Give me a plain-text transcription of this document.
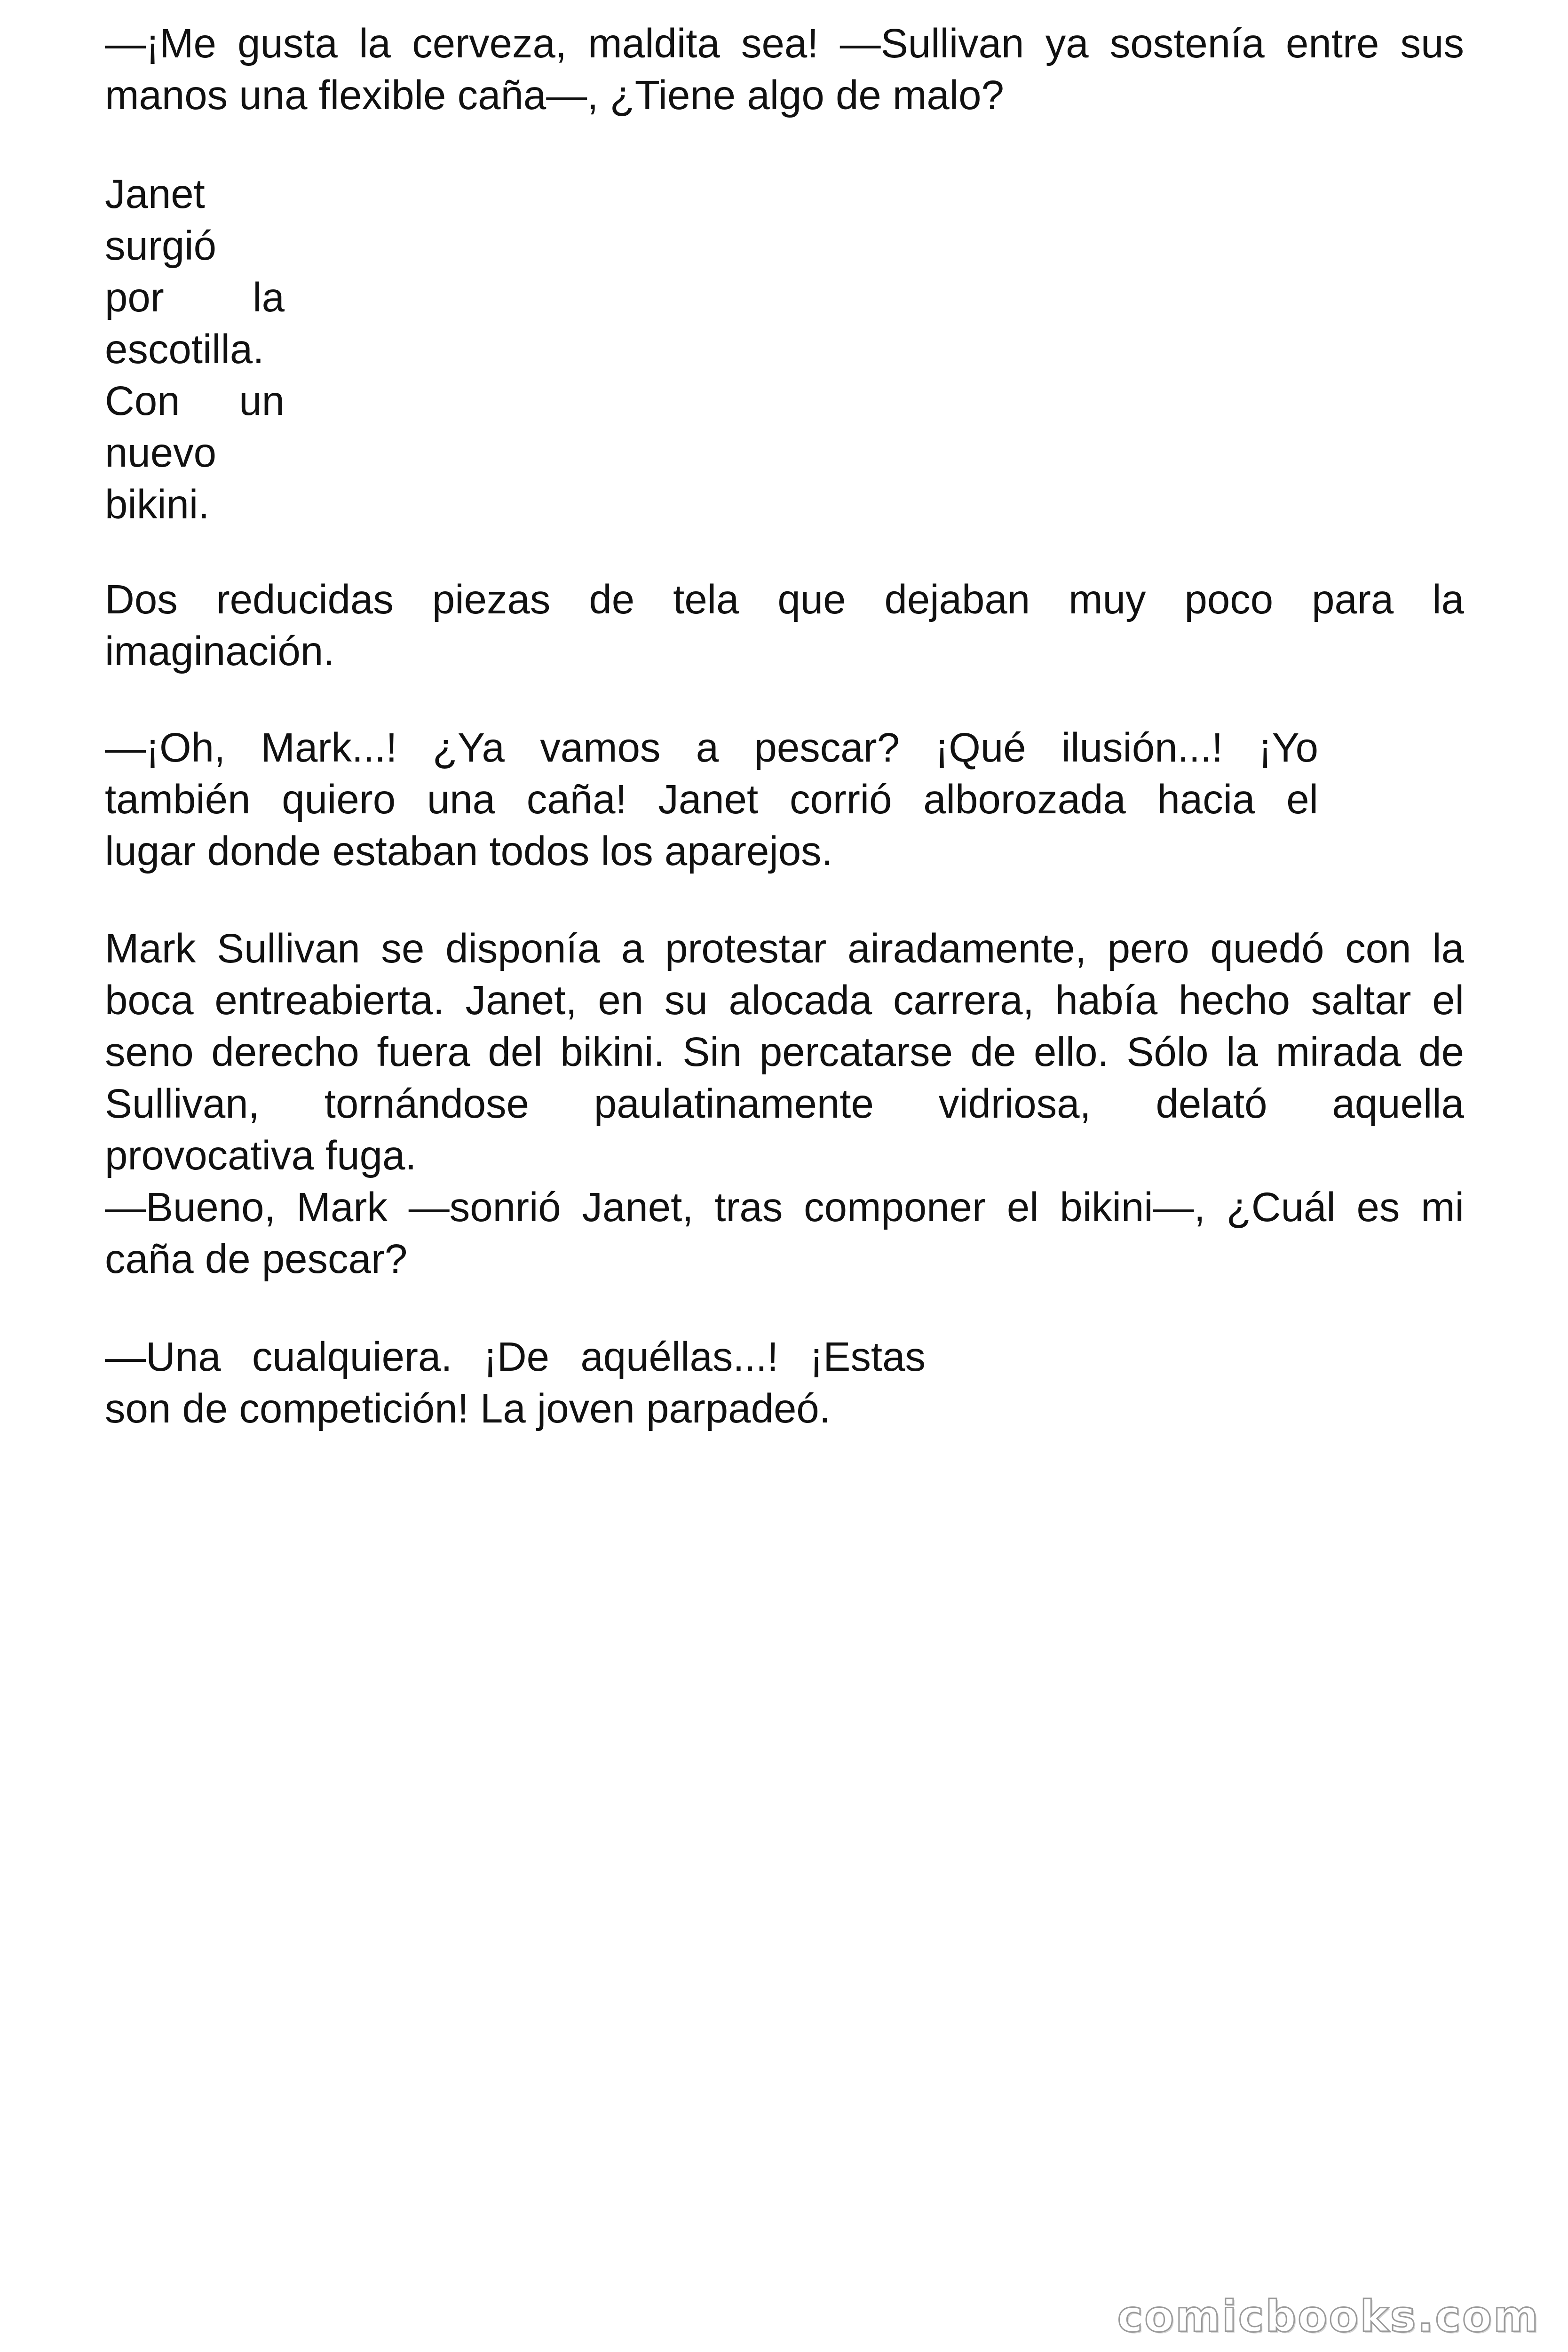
—¡Me gusta la cerveza, maldita sea! —Sullivan ya sostenía entre sus
manos una flexible caña—, ¿Tiene algo de malo?

Janet
surgió
por la
escotilla.
Con un
nuevo
bikini.

Dos reducidas piezas de tela que dejaban muy poco para la
imaginación.

—¡Oh, Mark...! ¿Ya vamos a pescar? ¡Qué ilusión...! ¡Yo
también quiero una caña! Janet corrió alborozada hacia el
lugar donde estaban todos los aparejos.

Mark Sullivan se disponía a protestar airadamente, pero quedó con la
boca entreabierta. Janet, en su alocada carrera, había hecho saltar el
seno derecho fuera del bikini. Sin percatarse de ello. Sólo la mirada de
Sullivan, tornándose paulatinamente vidriosa, delató aquella
provocativa fuga.
—Bueno, Mark —sonrió Janet, tras componer el bikini—, ¿Cuál es mi
caña de pescar?

—Una cualquiera. ¡De aquéllas...! ¡Estas
son de competición! La joven parpadeó.

comicbooks.com
